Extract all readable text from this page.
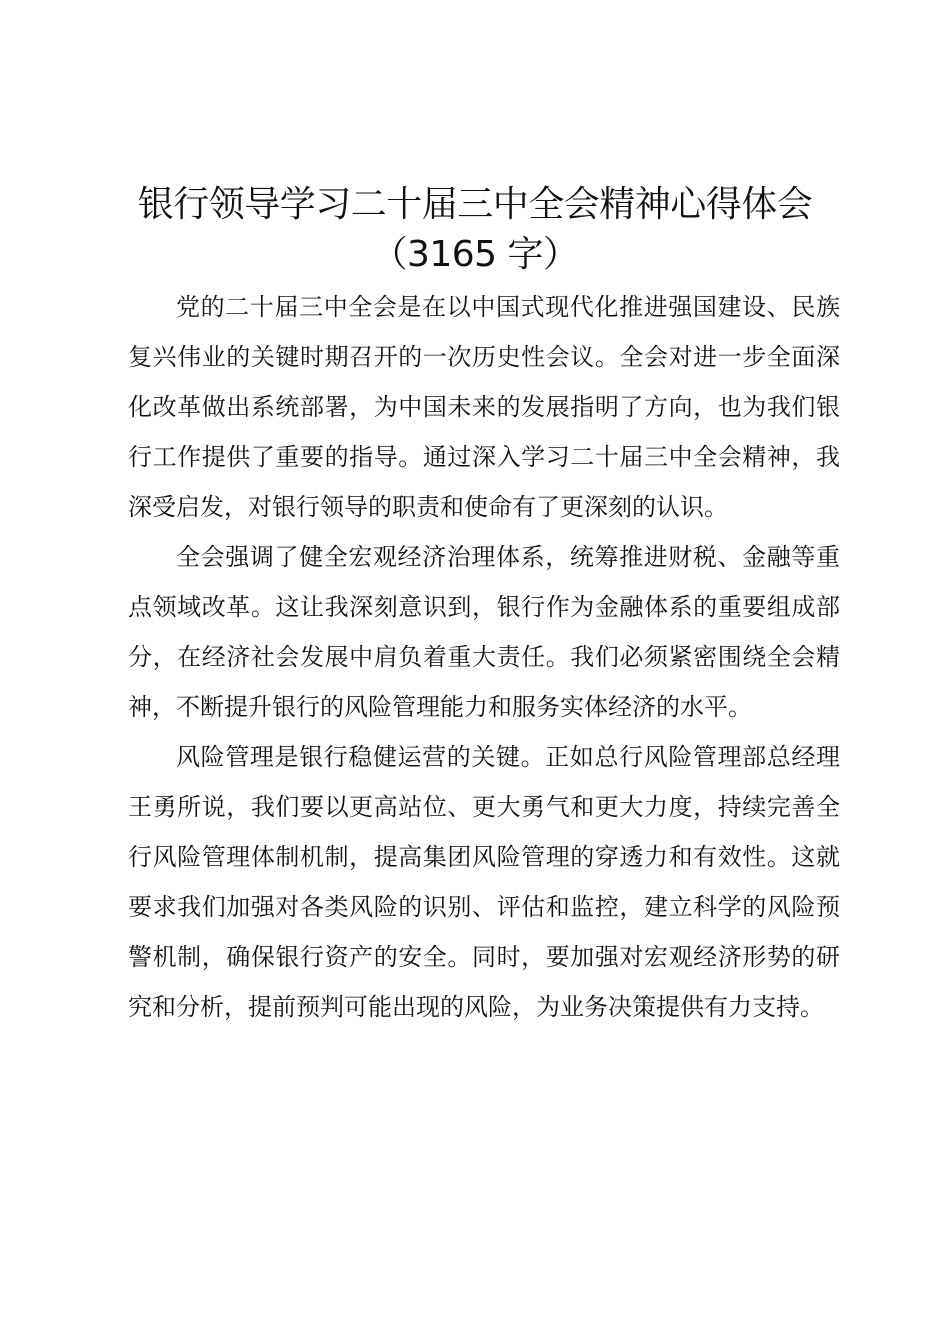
银行领导学习二十届三中全会精神心得体会
（3165 字）

党的二十届三中全会是在以中国式现代化推进强国建设、民族复兴伟业的关键时期召开的一次历史性会议。全会对进一步全面深化改革做出系统部署，为中国未来的发展指明了方向，也为我们银行工作提供了重要的指导。通过深入学习二十届三中全会精神，我深受启发，对银行领导的职责和使命有了更深刻的认识。

全会强调了健全宏观经济治理体系，统筹推进财税、金融等重点领域改革。这让我深刻意识到，银行作为金融体系的重要组成部分，在经济社会发展中肩负着重大责任。我们必须紧密围绕全会精神，不断提升银行的风险管理能力和服务实体经济的水平。

风险管理是银行稳健运营的关键。正如总行风险管理部总经理王勇所说，我们要以更高站位、更大勇气和更大力度，持续完善全行风险管理体制机制，提高集团风险管理的穿透力和有效性。这就要求我们加强对各类风险的识别、评估和监控，建立科学的风险预警机制，确保银行资产的安全。同时，要加强对宏观经济形势的研究和分析，提前预判可能出现的风险，为业务决策提供有力支持。
